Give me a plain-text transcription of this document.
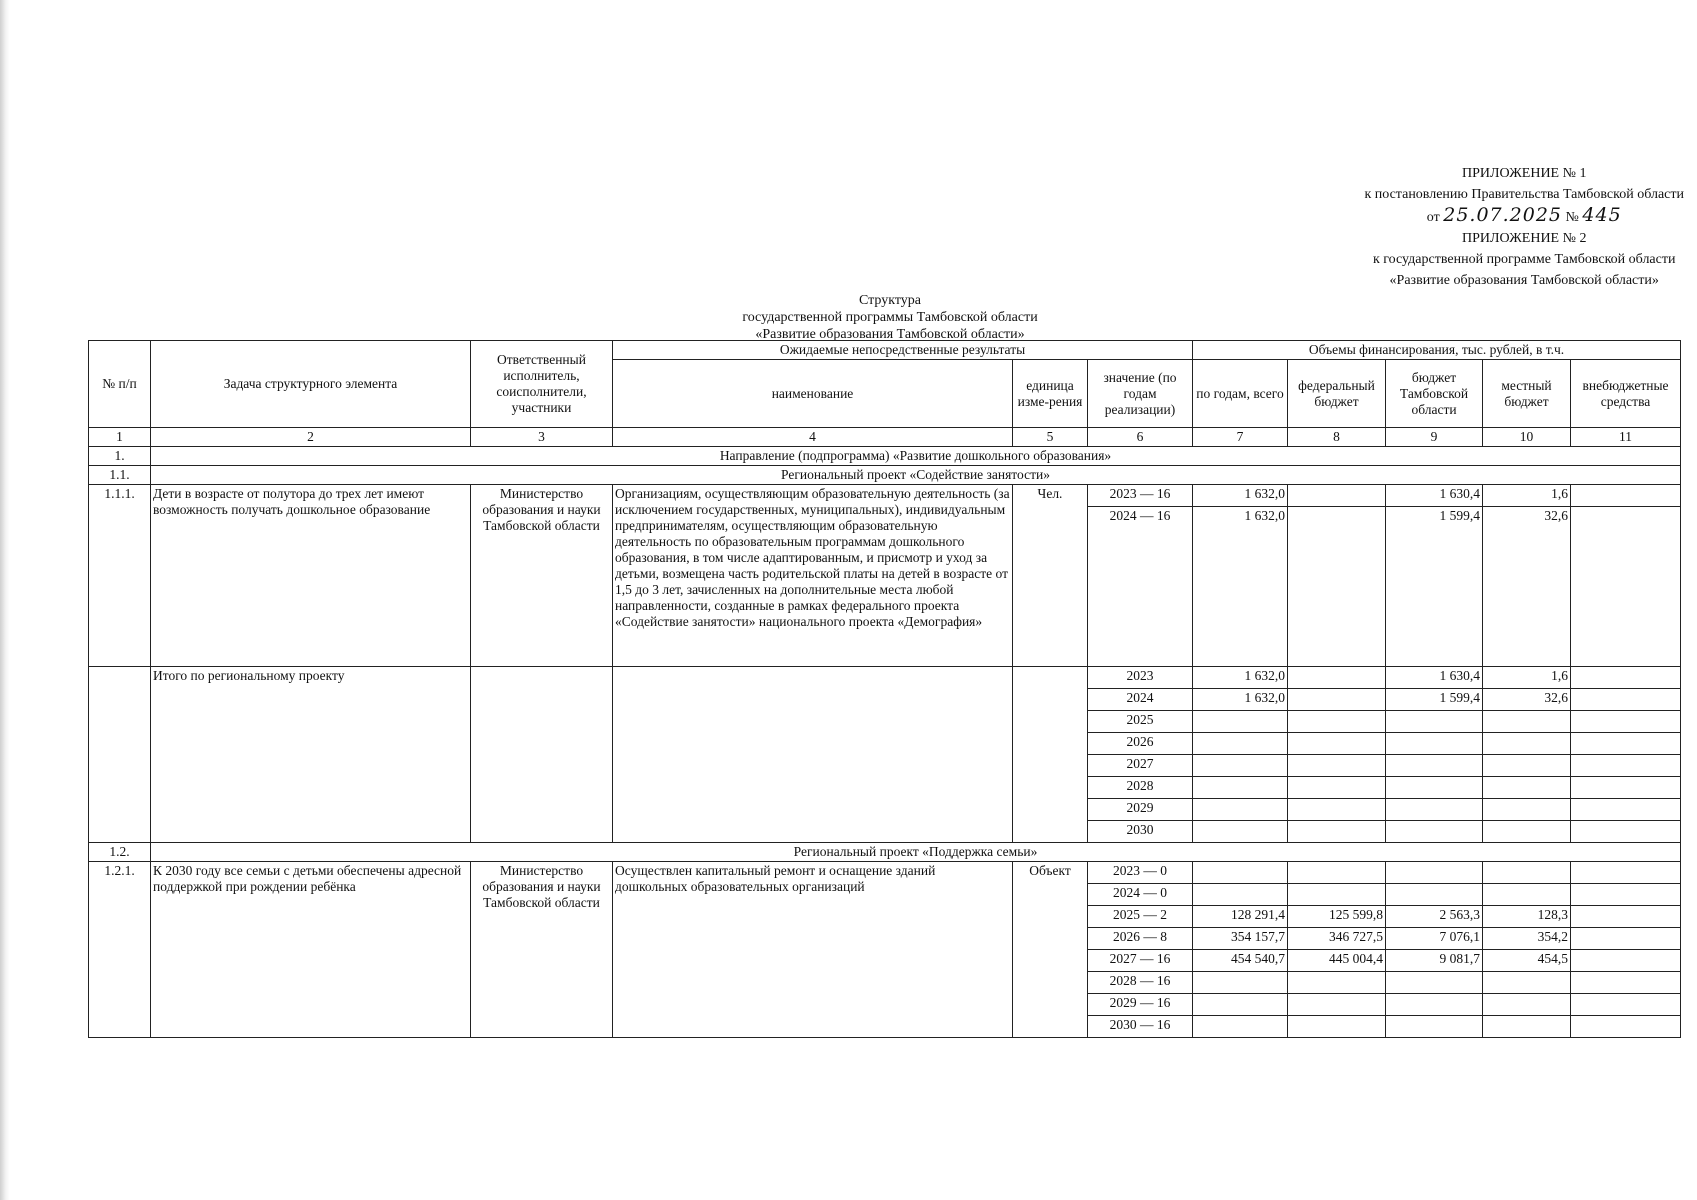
ПРИЛОЖЕНИЕ № 1
к постановлению Правительства Тамбовской области
от 25.07.2025 № 445
ПРИЛОЖЕНИЕ № 2
к государственной программе Тамбовской области
«Развитие образования Тамбовской области»
Структура
государственной программы Тамбовской области
«Развитие образования Тамбовской области»
№ п/п	Задача структурного элемента	Ответственный исполнитель, соисполнители, участники	Ожидаемые непосредственные результаты			Объемы финансирования, тыс. рублей, в т.ч.				
			наименование	единица изме-рения	значение (по годам реализации)	по годам, всего	федеральный бюджет	бюджет Тамбовской области	местный бюджет	внебюджетные средства
1	2	3	4	5	6	7	8	9	10	11
1.	Направление (подпрограмма) «Развитие дошкольного образования»									
1.1.	Региональный проект «Содействие занятости»									
1.1.1.	Дети в возрасте от полутора до трех лет имеют возможность получать дошкольное образование	Министерство образования и науки Тамбовской области	Организациям, осуществляющим образовательную деятельность (за исключением государственных, муниципальных), индивидуальным предпринимателям, осуществляющим образовательную деятельность по образовательным программам дошкольного образования, в том числе адаптированным, и присмотр и уход за детьми, возмещена часть родительской платы на детей в возрасте от 1,5 до 3 лет, зачисленных на дополнительные места любой направленности, созданные в рамках федерального проекта «Содействие занятости» национального проекта «Демография»	Чел.	2023 — 16	1 632,0		1 630,4	1,6	
					2024 — 16	1 632,0		1 599,4	32,6	
	Итого по региональному проекту				2023	1 632,0		1 630,4	1,6	
					2024	1 632,0		1 599,4	32,6	
					2025					
					2026					
					2027					
					2028					
					2029					
					2030					
1.2.	Региональный проект «Поддержка семьи»									
1.2.1.	К 2030 году все семьи с детьми обеспечены адресной поддержкой при рождении ребёнка	Министерство образования и науки Тамбовской области	Осуществлен капитальный ремонт и оснащение зданий дошкольных образовательных организаций	Объект	2023 — 0					
					2024 — 0					
					2025 — 2	128 291,4	125 599,8	2 563,3	128,3	
					2026 — 8	354 157,7	346 727,5	7 076,1	354,2	
					2027 — 16	454 540,7	445 004,4	9 081,7	454,5	
					2028 — 16					
					2029 — 16					
					2030 — 16					
